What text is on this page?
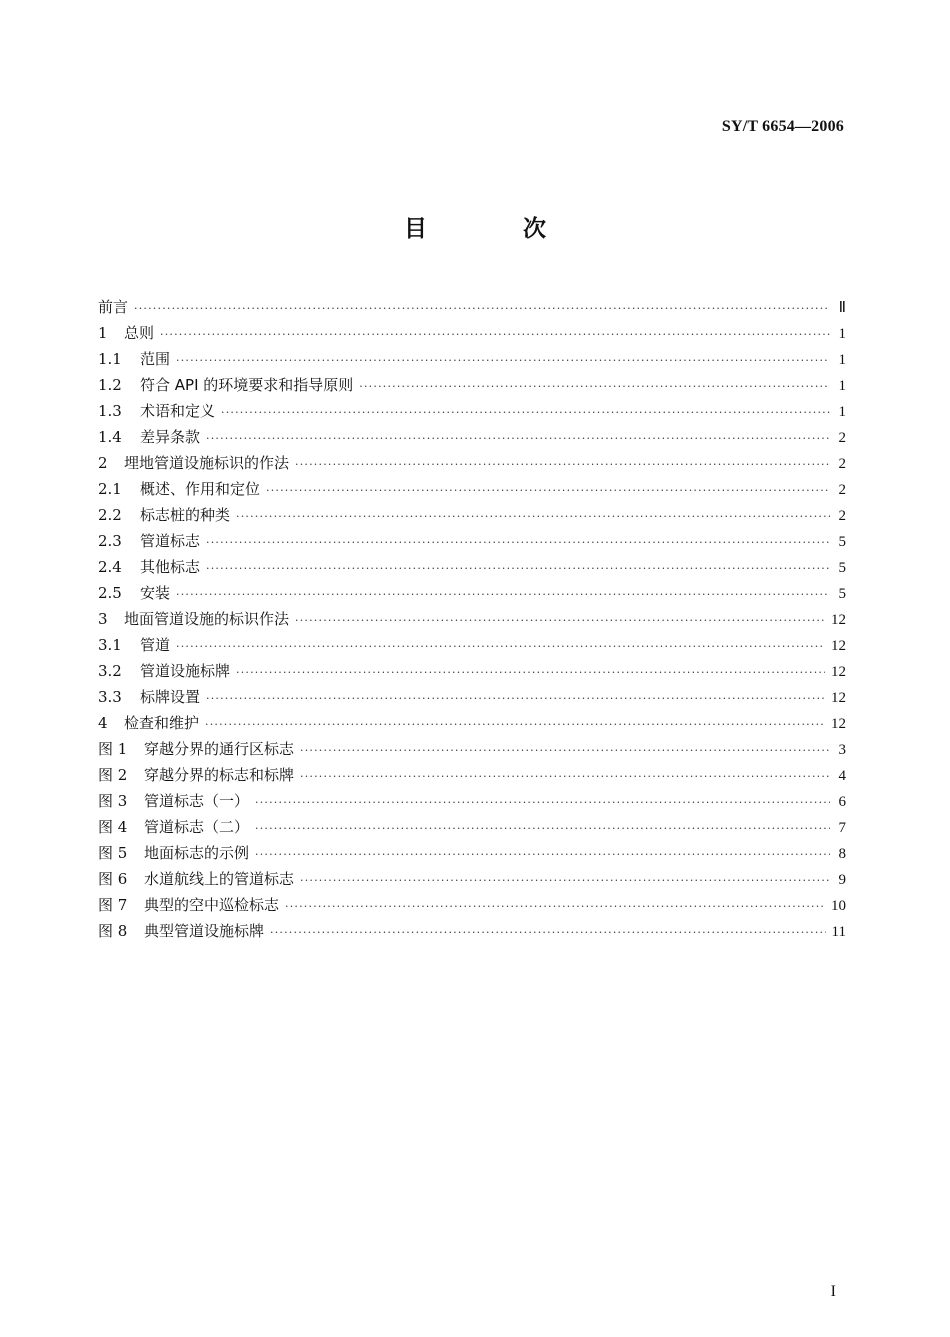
SY/T 6654—2006
目 次
前言 ·····	Ⅱ
1	总则 ·····	1
1.1	范围 ·····	1
1.2	符合 API 的环境要求和指导原则 ·····	1
1.3	术语和定义 ·····	1
1.4	差异条款 ·····	2
2	埋地管道设施标识的作法 ·····	2
2.1	概述、作用和定位 ·····	2
2.2	标志桩的种类 ·····	2
2.3	管道标志 ·····	5
2.4	其他标志 ·····	5
2.5	安装 ·····	5
3	地面管道设施的标识作法 ·····	12
3.1	管道 ·····	12
3.2	管道设施标牌 ·····	12
3.3	标牌设置 ·····	12
4	检查和维护 ·····	12
图 1	穿越分界的通行区标志 ·····	3
图 2	穿越分界的标志和标牌 ·····	4
图 3	管道标志（一） ·····	6
图 4	管道标志（二） ·····	7
图 5	地面标志的示例 ·····	8
图 6	水道航线上的管道标志 ·····	9
图 7	典型的空中巡检标志 ·····	10
图 8	典型管道设施标牌 ·····	11
I
